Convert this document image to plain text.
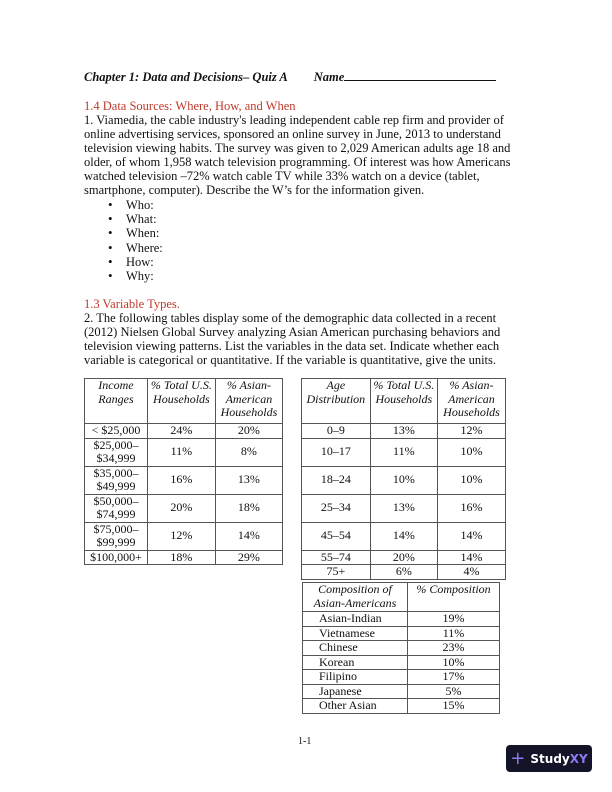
Chapter 1: Data and Decisions– Quiz A Name
1.4 Data Sources: Where, How, and When
1. Viamedia, the cable industry's leading independent cable rep firm and provider of online advertising services, sponsored an online survey in June, 2013 to understand television viewing habits. The survey was given to 2,029 American adults age 18 and older, of whom 1,958 watch television programming. Of interest was how Americans watched television –72% watch cable TV while 33% watch on a device (tablet, smartphone, computer). Describe the W’s for the information given.
• Who:
• What:
• When:
• Where:
• How:
• Why:
1.3 Variable Types.
2. The following tables display some of the demographic data collected in a recent (2012) Nielsen Global Survey analyzing Asian American purchasing behaviors and television viewing patterns. List the variables in the data set. Indicate whether each variable is categorical or quantitative. If the variable is quantitative, give the units.
Income Ranges	% Total U.S. Households	% Asian-American Households
< $25,000	24%	20%
$25,000– $34,999	11%	8%
$35,000– $49,999	16%	13%
$50,000– $74,999	20%	18%
$75,000– $99,999	12%	14%
$100,000+	18%	29%
Age Distribution	% Total U.S. Households	% Asian-American Households
0–9	13%	12%
10–17	11%	10%
18–24	10%	10%
25–34	13%	16%
45–54	14%	14%
55–74	20%	14%
75+	6%	4%
Composition of Asian-Americans	% Composition
Asian-Indian	19%
Vietnamese	11%
Chinese	23%
Korean	10%
Filipino	17%
Japanese	5%
Other Asian	15%
1-1
+ StudyXY
